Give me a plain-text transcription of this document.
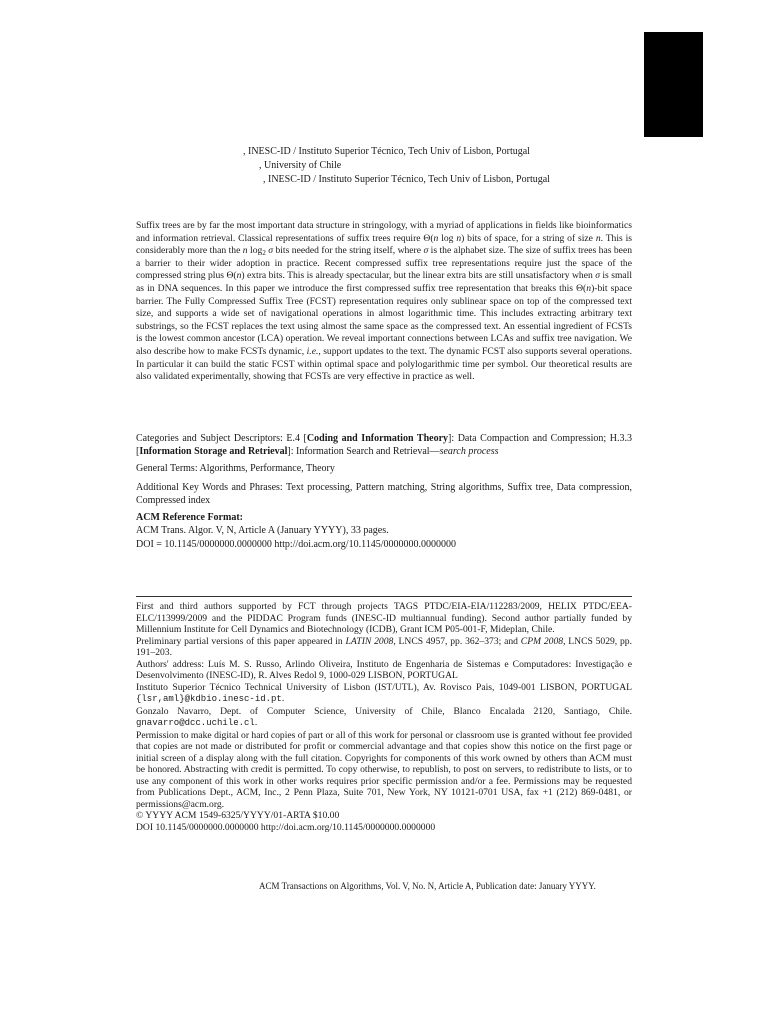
, INESC-ID / Instituto Superior Técnico, Tech Univ of Lisbon, Portugal
, University of Chile
, INESC-ID / Instituto Superior Técnico, Tech Univ of Lisbon, Portugal

Suffix trees are by far the most important data structure in stringology, with a myriad of applications in fields like bioinformatics and information retrieval. Classical representations of suffix trees require Θ(n log n) bits of space, for a string of size n. This is considerably more than the n $\log_2 \sigma$ bits needed for the string itself, where σ is the alphabet size. The size of suffix trees has been a barrier to their wider adoption in practice. Recent compressed suffix tree representations require just the space of the compressed string plus Θ(n) extra bits. This is already spectacular, but the linear extra bits are still unsatisfactory when σ is small as in DNA sequences. In this paper we introduce the first compressed suffix tree representation that breaks this Θ(n)-bit space barrier. The Fully Compressed Suffix Tree (FCST) representation requires only sublinear space on top of the compressed text size, and supports a wide set of navigational operations in almost logarithmic time. This includes extracting arbitrary text substrings, so the FCST replaces the text using almost the same space as the compressed text. An essential ingredient of FCSTs is the lowest common ancestor (LCA) operation. We reveal important connections between LCAs and suffix tree navigation. We also describe how to make FCSTs dynamic, i.e., support updates to the text. The dynamic FCST also supports several operations. In particular it can build the static FCST within optimal space and polylogarithmic time per symbol. Our theoretical results are also validated experimentally, showing that FCSTs are very effective in practice as well.

Categories and Subject Descriptors: E.4 [Coding and Information Theory]: Data Compaction and Compression; H.3.3 [Information Storage and Retrieval]: Information Search and Retrieval—search process

General Terms: Algorithms, Performance, Theory

Additional Key Words and Phrases: Text processing, Pattern matching, String algorithms, Suffix tree, Data compression, Compressed index

ACM Reference Format:

ACM Trans. Algor. V, N, Article A (January YYYY), 33 pages.

DOI = 10.1145/0000000.0000000 http://doi.acm.org/10.1145/0000000.0000000

First and third authors supported by FCT through projects TAGS PTDC/EIA-EIA/112283/2009, HELIX PTDC/EEA-ELC/113999/2009 and the PIDDAC Program funds (INESC-ID multiannual funding). Second author partially funded by Millennium Institute for Cell Dynamics and Biotechnology (ICDB), Grant ICM P05-001-F, Mideplan, Chile.

Preliminary partial versions of this paper appeared in LATIN 2008, LNCS 4957, pp. 362–373; and CPM 2008, LNCS 5029, pp. 191–203.

Authors' address: Luís M. S. Russo, Arlindo Oliveira, Instituto de Engenharia de Sistemas e Computadores: Investigação e Desenvolvimento (INESC-ID), R. Alves Redol 9, 1000-029 LISBON, PORTUGAL

Instituto Superior Técnico Technical University of Lisbon (IST/UTL), Av. Rovisco Pais, 1049-001 LISBON, PORTUGAL {lsr,aml}@kdbio.inesc-id.pt.

Gonzalo Navarro, Dept. of Computer Science, University of Chile, Blanco Encalada 2120, Santiago, Chile. gnavarro@dcc.uchile.cl.

Permission to make digital or hard copies of part or all of this work for personal or classroom use is granted without fee provided that copies are not made or distributed for profit or commercial advantage and that copies show this notice on the first page or initial screen of a display along with the full citation. Copyrights for components of this work owned by others than ACM must be honored. Abstracting with credit is permitted. To copy otherwise, to republish, to post on servers, to redistribute to lists, or to use any component of this work in other works requires prior specific permission and/or a fee. Permissions may be requested from Publications Dept., ACM, Inc., 2 Penn Plaza, Suite 701, New York, NY 10121-0701 USA, fax +1 (212) 869-0481, or permissions@acm.org.

© YYYY ACM 1549-6325/YYYY/01-ARTA $10.00

DOI 10.1145/0000000.0000000 http://doi.acm.org/10.1145/0000000.0000000

ACM Transactions on Algorithms, Vol. V, No. N, Article A, Publication date: January YYYY.
